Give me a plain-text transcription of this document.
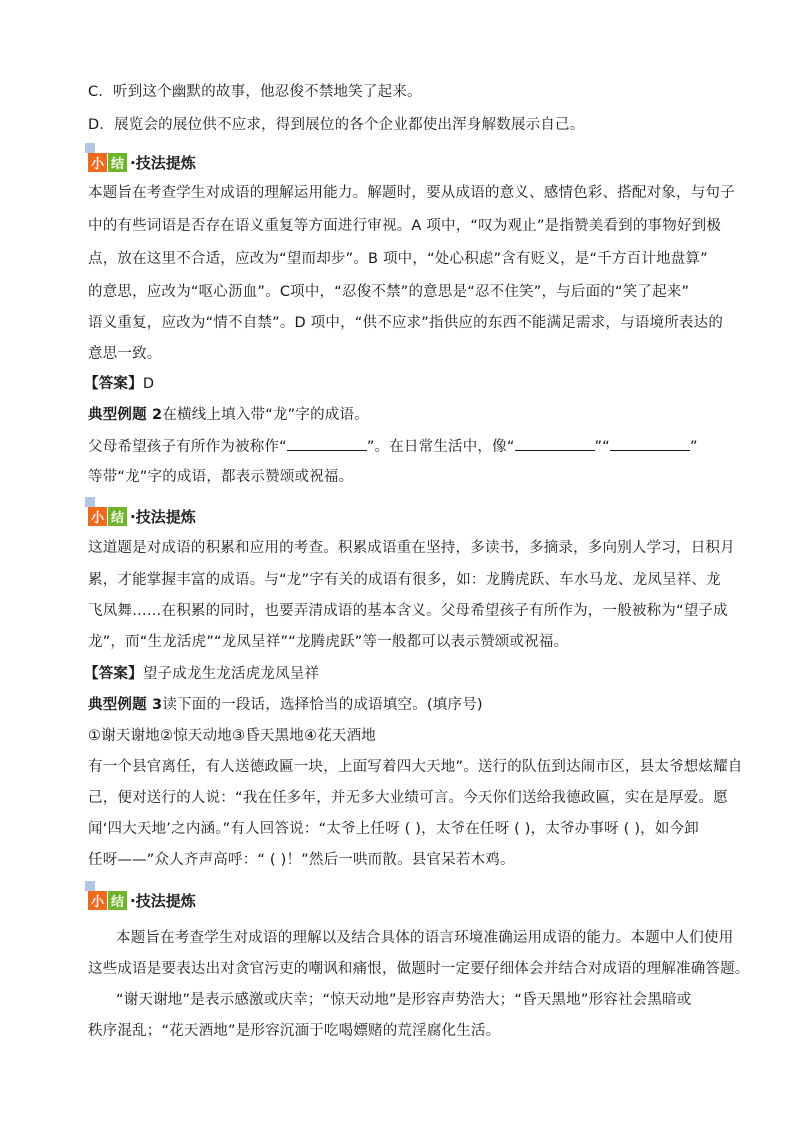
C．听到这个幽默的故事，他忍俊不禁地笑了起来。
D．展览会的展位供不应求，得到展位的各个企业都使出浑身解数展示自己。
小 结 ·技法提炼
本题旨在考查学生对成语的理解运用能力。解题时，要从成语的意义、感情色彩、搭配对象，与句子
中的有些词语是否存在语义重复等方面进行审视。A 项中，“叹为观止”是指赞美看到的事物好到极
点，放在这里不合适，应改为“望而却步”。B 项中，“处心积虑”含有贬义，是“千方百计地盘算”
的意思，应改为“呕心沥血”。C项中，“忍俊不禁”的意思是“忍不住笑”，与后面的“笑了起来”
语义重复，应改为“情不自禁”。D 项中，“供不应求”指供应的东西不能满足需求，与语境所表达的
意思一致。
【答案】D
典型例题 2在横线上填入带“龙”字的成语。
父母希望孩子有所作为被称作“	”。在日常生活中，像“	”“	”
等带“龙”字的成语，都表示赞颂或祝福。
小 结 ·技法提炼
这道题是对成语的积累和应用的考查。积累成语重在坚持，多读书，多摘录，多向别人学习，日积月
累，才能掌握丰富的成语。与“龙”字有关的成语有很多，如：龙腾虎跃、车水马龙、龙凤呈祥、龙
飞凤舞……在积累的同时，也要弄清成语的基本含义。父母希望孩子有所作为，一般被称为“望子成
龙”，而“生龙活虎”“龙凤呈祥”“龙腾虎跃”等一般都可以表示赞颂或祝福。
【答案】望子成龙生龙活虎龙凤呈祥
典型例题 3读下面的一段话，选择恰当的成语填空。(填序号)
①谢天谢地②惊天动地③昏天黑地④花天酒地
有一个县官离任，有人送德政匾一块，上面写着四大天地”。送行的队伍到达闹市区，县太爷想炫耀自
己，便对送行的人说：“我在任多年，并无多大业绩可言。今天你们送给我德政匾，实在是厚爱。愿
闻‘四大天地’之内涵。”有人回答说：“太爷上任呀 ( )，太爷在任呀 ( )，太爷办事呀 ( )，如今卸
任呀——”众人齐声高呼：“ ( )！”然后一哄而散。县官呆若木鸡。
小 结 ·技法提炼
本题旨在考查学生对成语的理解以及结合具体的语言环境准确运用成语的能力。本题中人们使用
这些成语是要表达出对贪官污吏的嘲讽和痛恨，做题时一定要仔细体会并结合对成语的理解准确答题。
“谢天谢地”是表示感激或庆幸；“惊天动地”是形容声势浩大；“昏天黑地”形容社会黑暗或
秩序混乱；“花天酒地”是形容沉湎于吃喝嫖赌的荒淫腐化生活。
